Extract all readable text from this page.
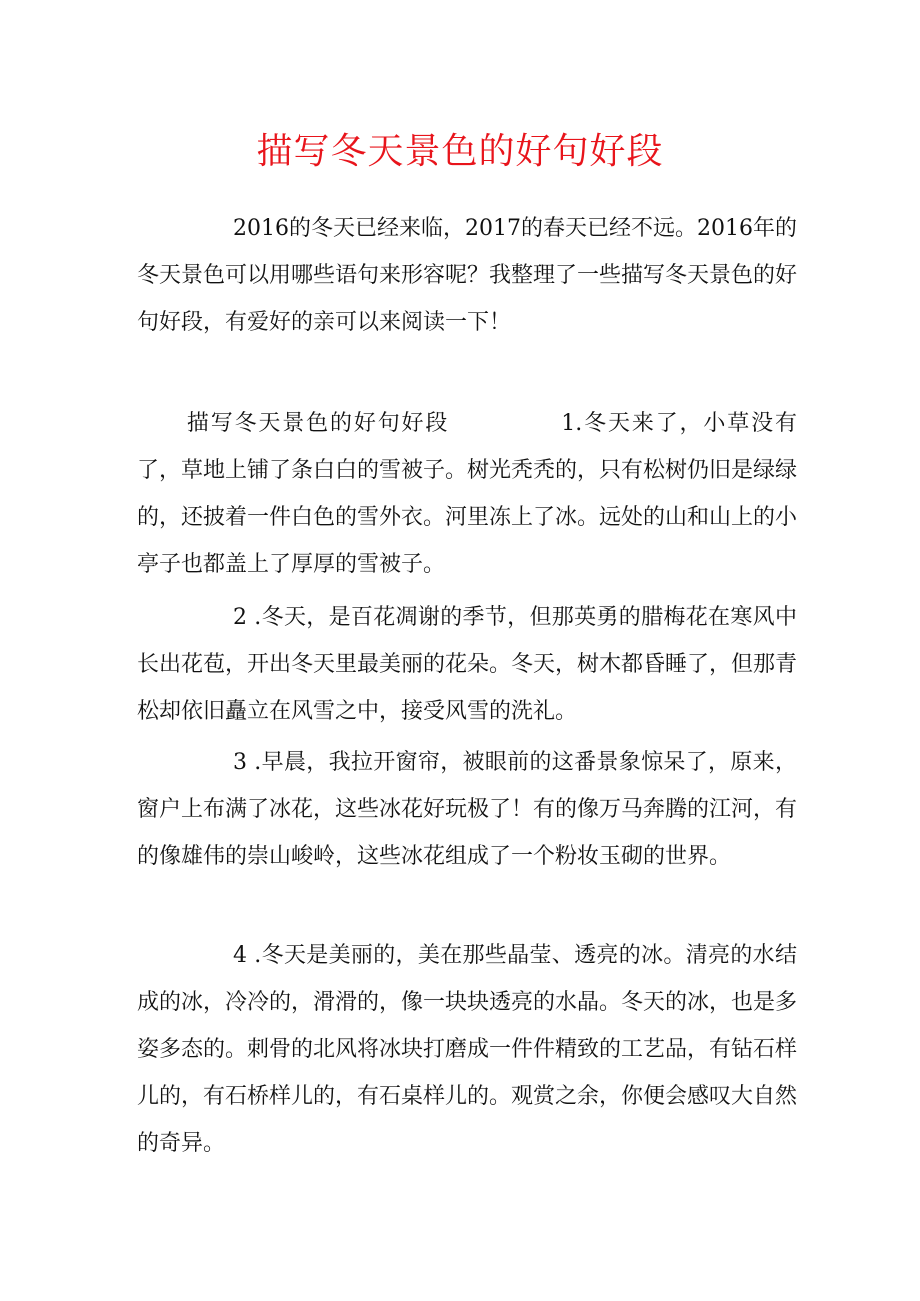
描写冬天景色的好句好段

2016的冬天已经来临，2017的春天已经不远。2016年的冬天景色可以用哪些语句来形容呢？我整理了一些描写冬天景色的好句好段，有爱好的亲可以来阅读一下！

描写冬天景色的好句好段	1.冬天来了，小草没有了，草地上铺了条白白的雪被子。树光秃秃的，只有松树仍旧是绿绿的，还披着一件白色的雪外衣。河里冻上了冰。远处的山和山上的小亭子也都盖上了厚厚的雪被子。

2 .冬天，是百花凋谢的季节，但那英勇的腊梅花在寒风中长出花苞，开出冬天里最美丽的花朵。冬天，树木都昏睡了，但那青松却依旧矗立在风雪之中，接受风雪的洗礼。

3 .早晨，我拉开窗帘，被眼前的这番景象惊呆了，原来，窗户上布满了冰花，这些冰花好玩极了！有的像万马奔腾的江河，有的像雄伟的崇山峻岭，这些冰花组成了一个粉妆玉砌的世界。

4 .冬天是美丽的，美在那些晶莹、透亮的冰。清亮的水结成的冰，冷冷的，滑滑的，像一块块透亮的水晶。冬天的冰，也是多姿多态的。刺骨的北风将冰块打磨成一件件精致的工艺品，有钻石样儿的，有石桥样儿的，有石桌样儿的。观赏之余，你便会感叹大自然的奇异。
